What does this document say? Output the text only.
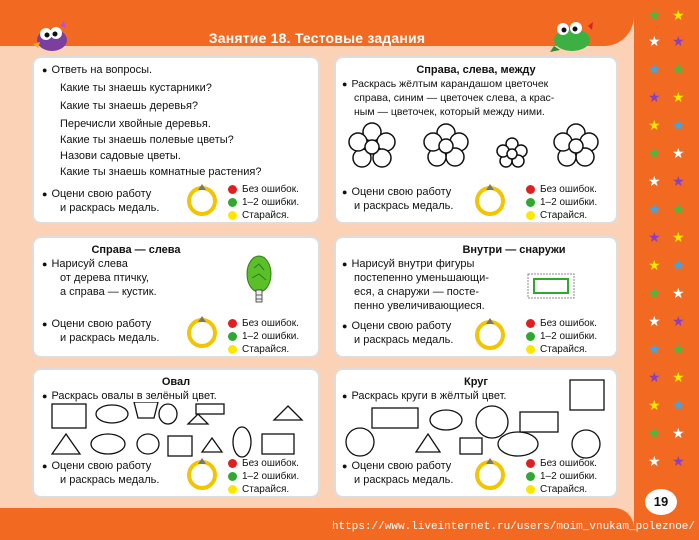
Занятие 18. Тестовые задания
● Ответь на вопросы.
Какие ты знаешь кустарники?
Какие ты знаешь деревья?
Перечисли хвойные деревья.
Какие ты знаешь полевые цветы?
Назови садовые цветы.
Какие ты знаешь комнатные растения?
● Оцени свою работу
и раскрась медаль.
Без ошибок.
1–2 ошибки.
Старайся.
Справа, слева, между
● Раскрась жёлтым карандашом цветочек
справа, синим — цветочек слева, а крас-
ным — цветочек, который между ними.
● Оцени свою работу
и раскрась медаль.
Без ошибок.
1–2 ошибки.
Старайся.
Справа — слева
● Нарисуй слева
от дерева птичку,
а справа — кустик.
● Оцени свою работу
и раскрась медаль.
Без ошибок.
1–2 ошибки.
Старайся.
Внутри — снаружи
● Нарисуй внутри фигуры
постепенно уменьшающи-
еся, а снаружи — посте-
пенно увеличивающиеся.
● Оцени свою работу
и раскрась медаль.
Без ошибок.
1–2 ошибки.
Старайся.
Овал
● Раскрась овалы в зелёный цвет.
● Оцени свою работу
и раскрась медаль.
Без ошибок.
1–2 ошибки.
Старайся.
Круг
● Раскрась круги в жёлтый цвет.
● Оцени свою работу
и раскрась медаль.
Без ошибок.
1–2 ошибки.
Старайся.
★ ★
★ ★
★ ★
★ ★
★ ★
★ ★
★ ★
★ ★
★ ★
★ ★
★ ★
★ ★
★ ★
★ ★
★ ★
★ ★
★ ★
19
https://www.liveinternet.ru/users/moim_vnukam_poleznoe/
